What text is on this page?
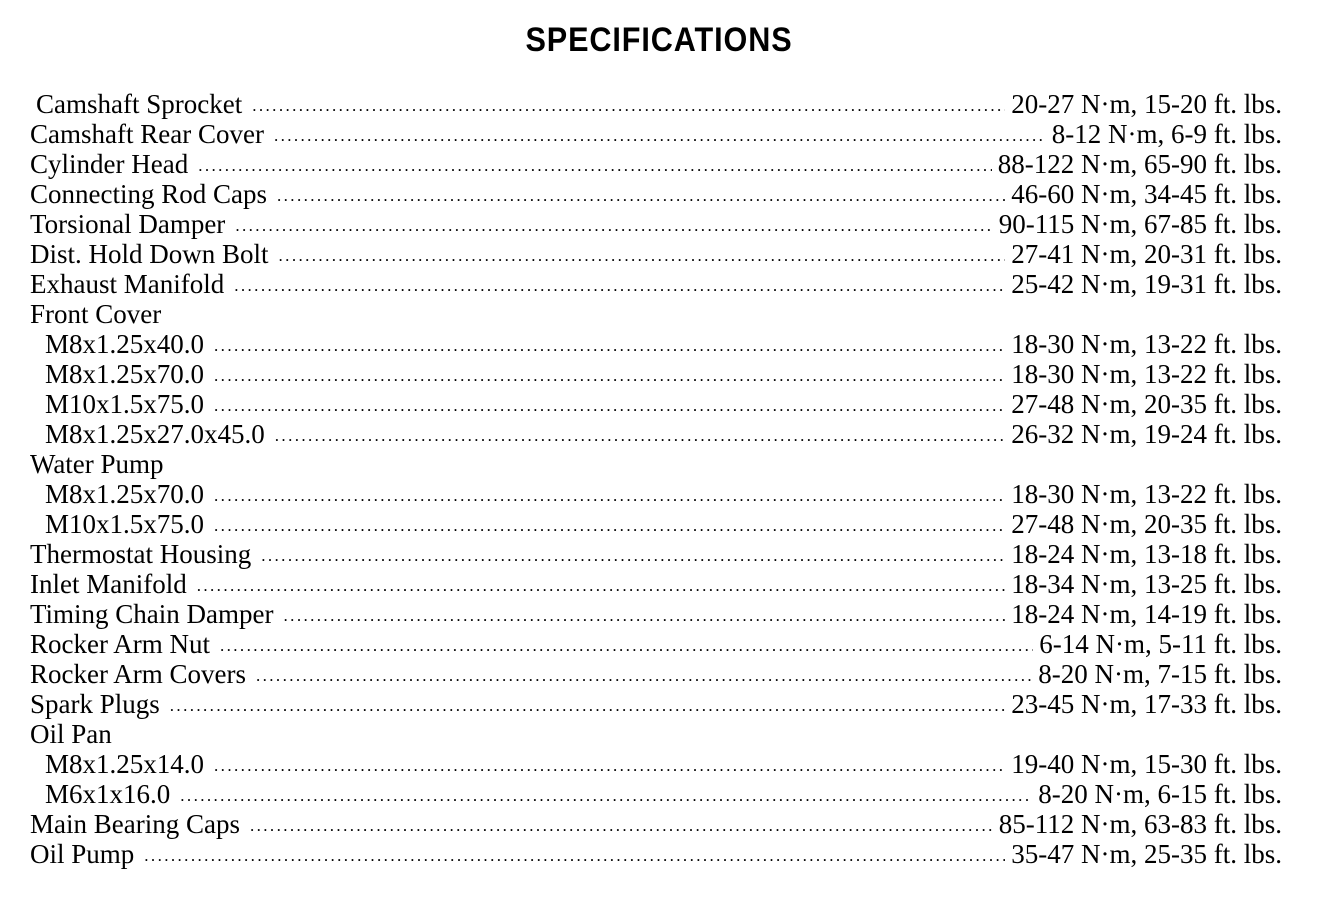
SPECIFICATIONS
Camshaft Sprocket .....	20-27 N·m, 15-20 ft. lbs.
Camshaft Rear Cover .....	8-12 N·m, 6-9 ft. lbs.
Cylinder Head .....	88-122 N·m, 65-90 ft. lbs.
Connecting Rod Caps .....	46-60 N·m, 34-45 ft. lbs.
Torsional Damper .....	90-115 N·m, 67-85 ft. lbs.
Dist. Hold Down Bolt .....	27-41 N·m, 20-31 ft. lbs.
Exhaust Manifold .....	25-42 N·m, 19-31 ft. lbs.
Front Cover
M8x1.25x40.0 .....	18-30 N·m, 13-22 ft. lbs.
M8x1.25x70.0 .....	18-30 N·m, 13-22 ft. lbs.
M10x1.5x75.0 .....	27-48 N·m, 20-35 ft. lbs.
M8x1.25x27.0x45.0 .....	26-32 N·m, 19-24 ft. lbs.
Water Pump
M8x1.25x70.0 .....	18-30 N·m, 13-22 ft. lbs.
M10x1.5x75.0 .....	27-48 N·m, 20-35 ft. lbs.
Thermostat Housing .....	18-24 N·m, 13-18 ft. lbs.
Inlet Manifold .....	18-34 N·m, 13-25 ft. lbs.
Timing Chain Damper .....	18-24 N·m, 14-19 ft. lbs.
Rocker Arm Nut .....	6-14 N·m, 5-11 ft. lbs.
Rocker Arm Covers .....	8-20 N·m, 7-15 ft. lbs.
Spark Plugs .....	23-45 N·m, 17-33 ft. lbs.
Oil Pan
M8x1.25x14.0 .....	19-40 N·m, 15-30 ft. lbs.
M6x1x16.0 .....	8-20 N·m, 6-15 ft. lbs.
Main Bearing Caps .....	85-112 N·m, 63-83 ft. lbs.
Oil Pump .....	35-47 N·m, 25-35 ft. lbs.
